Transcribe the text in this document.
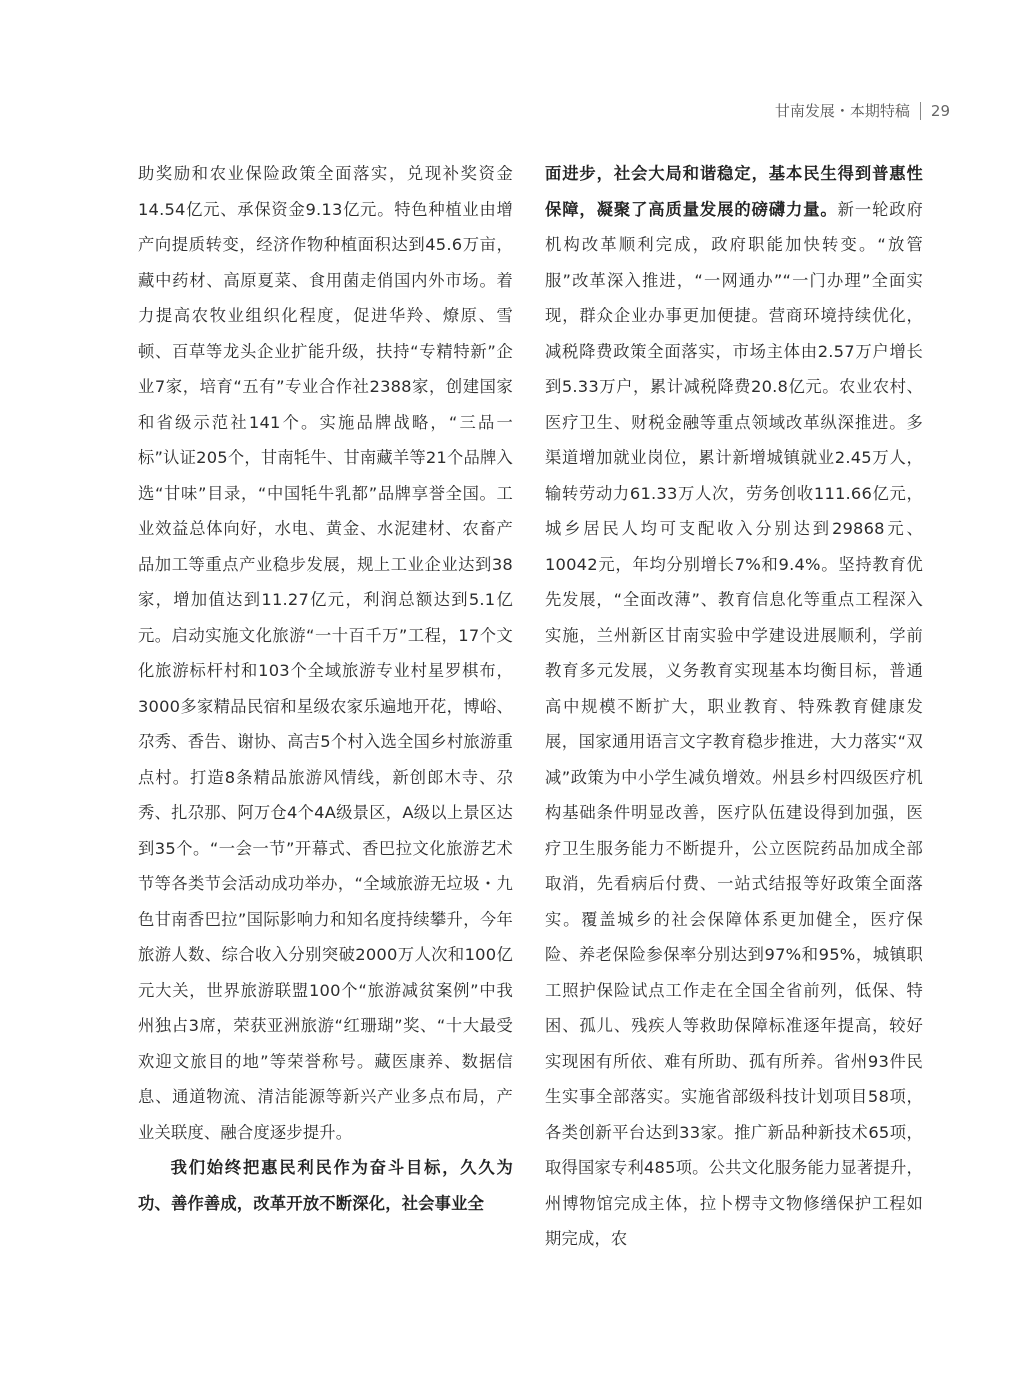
甘南发展・本期特稿 29

助奖励和农业保险政策全面落实，兑现补奖资金14.54亿元、承保资金9.13亿元。特色种植业由增产向提质转变，经济作物种植面积达到45.6万亩，藏中药材、高原夏菜、食用菌走俏国内外市场。着力提高农牧业组织化程度，促进华羚、燎原、雪顿、百草等龙头企业扩能升级，扶持“专精特新”企业7家，培育“五有”专业合作社2388家，创建国家和省级示范社141个。实施品牌战略，“三品一标”认证205个，甘南牦牛、甘南藏羊等21个品牌入选“甘味”目录，“中国牦牛乳都”品牌享誉全国。工业效益总体向好，水电、黄金、水泥建材、农畜产品加工等重点产业稳步发展，规上工业企业达到38家，增加值达到11.27亿元，利润总额达到5.1亿元。启动实施文化旅游“一十百千万”工程，17个文化旅游标杆村和103个全域旅游专业村星罗棋布，3000多家精品民宿和星级农家乐遍地开花，博峪、尕秀、香告、谢协、高吉5个村入选全国乡村旅游重点村。打造8条精品旅游风情线，新创郎木寺、尕秀、扎尕那、阿万仓4个4A级景区，A级以上景区达到35个。“一会一节”开幕式、香巴拉文化旅游艺术节等各类节会活动成功举办，“全域旅游无垃圾・九色甘南香巴拉”国际影响力和知名度持续攀升，今年旅游人数、综合收入分别突破2000万人次和100亿元大关，世界旅游联盟100个“旅游减贫案例”中我州独占3席，荣获亚洲旅游“红珊瑚”奖、“十大最受欢迎文旅目的地”等荣誉称号。藏医康养、数据信息、通道物流、清洁能源等新兴产业多点布局，产业关联度、融合度逐步提升。

我们始终把惠民利民作为奋斗目标，久久为功、善作善成，改革开放不断深化，社会事业全

面进步，社会大局和谐稳定，基本民生得到普惠性保障，凝聚了高质量发展的磅礴力量。新一轮政府机构改革顺利完成，政府职能加快转变。“放管服”改革深入推进，“一网通办”“一门办理”全面实现，群众企业办事更加便捷。营商环境持续优化，减税降费政策全面落实，市场主体由2.57万户增长到5.33万户，累计减税降费20.8亿元。农业农村、医疗卫生、财税金融等重点领域改革纵深推进。多渠道增加就业岗位，累计新增城镇就业2.45万人，输转劳动力61.33万人次，劳务创收111.66亿元，城乡居民人均可支配收入分别达到29868元、10042元，年均分别增长7%和9.4%。坚持教育优先发展，“全面改薄”、教育信息化等重点工程深入实施，兰州新区甘南实验中学建设进展顺利，学前教育多元发展，义务教育实现基本均衡目标，普通高中规模不断扩大，职业教育、特殊教育健康发展，国家通用语言文字教育稳步推进，大力落实“双减”政策为中小学生减负增效。州县乡村四级医疗机构基础条件明显改善，医疗队伍建设得到加强，医疗卫生服务能力不断提升，公立医院药品加成全部取消，先看病后付费、一站式结报等好政策全面落实。覆盖城乡的社会保障体系更加健全，医疗保险、养老保险参保率分别达到97%和95%，城镇职工照护保险试点工作走在全国全省前列，低保、特困、孤儿、残疾人等救助保障标准逐年提高，较好实现困有所依、难有所助、孤有所养。省州93件民生实事全部落实。实施省部级科技计划项目58项，各类创新平台达到33家。推广新品种新技术65项，取得国家专利485项。公共文化服务能力显著提升，州博物馆完成主体，拉卜楞寺文物修缮保护工程如期完成，农
